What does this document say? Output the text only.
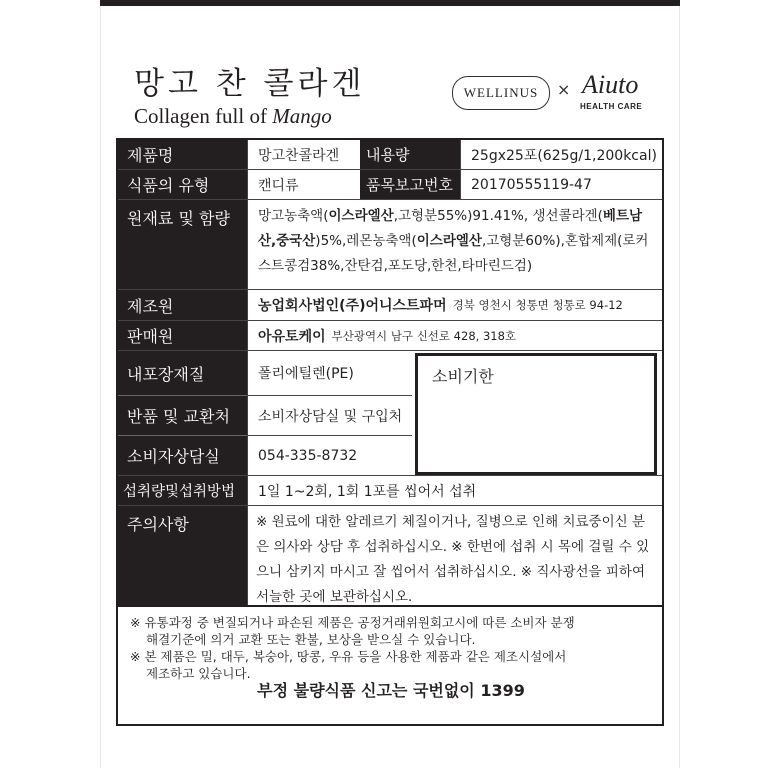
망고 찬 콜라겐
Collagen full of Mango
WELLINUS	× Aiuto
HEALTH CARE
제품명	망고찬콜라겐	내용량	25gx25포(625g/1,200kcal)
식품의 유형	캔디류	품목보고번호	20170555119-47
원재료 및 함량	망고농축액(이스라엘산,고형분55%)91.41%, 생선콜라겐(베트남산,중국산)5%,레몬농축액(이스라엘산,고형분60%),혼합제제(로커스트콩검38%,잔탄검,포도당,한천,타마린드검)
제조원	농업회사법인(주)어니스트파머 경북 영천시 청통면 청통로 94-12
판매원	아유토케이 부산광역시 남구 신선로 428, 318호
내포장재질	폴리에틸렌(PE)
반품 및 교환처	소비자상담실 및 구입처
소비자상담실	054-335-8732
섭취량및섭취방법	1일 1~2회, 1회 1포를 씹어서 섭취
주의사항	※ 원료에 대한 알레르기 체질이거나, 질병으로 인해 치료중이신 분은 의사와 상담 후 섭취하십시오. ※ 한번에 섭취 시 목에 걸릴 수 있으니 삼키지 마시고 잘 씹어서 섭취하십시오. ※ 직사광선을 피하여 서늘한 곳에 보관하십시오.
소비기한

※ 유통과정 중 변질되거나 파손된 제품은 공정거래위원회고시에 따른 소비자 분쟁

해결기준에 의거 교환 또는 환불, 보상을 받으실 수 있습니다.

※ 본 제품은 밀, 대두, 복숭아, 땅콩, 우유 등을 사용한 제품과 같은 제조시설에서

제조하고 있습니다.

부정 불량식품 신고는 국번없이 1399
